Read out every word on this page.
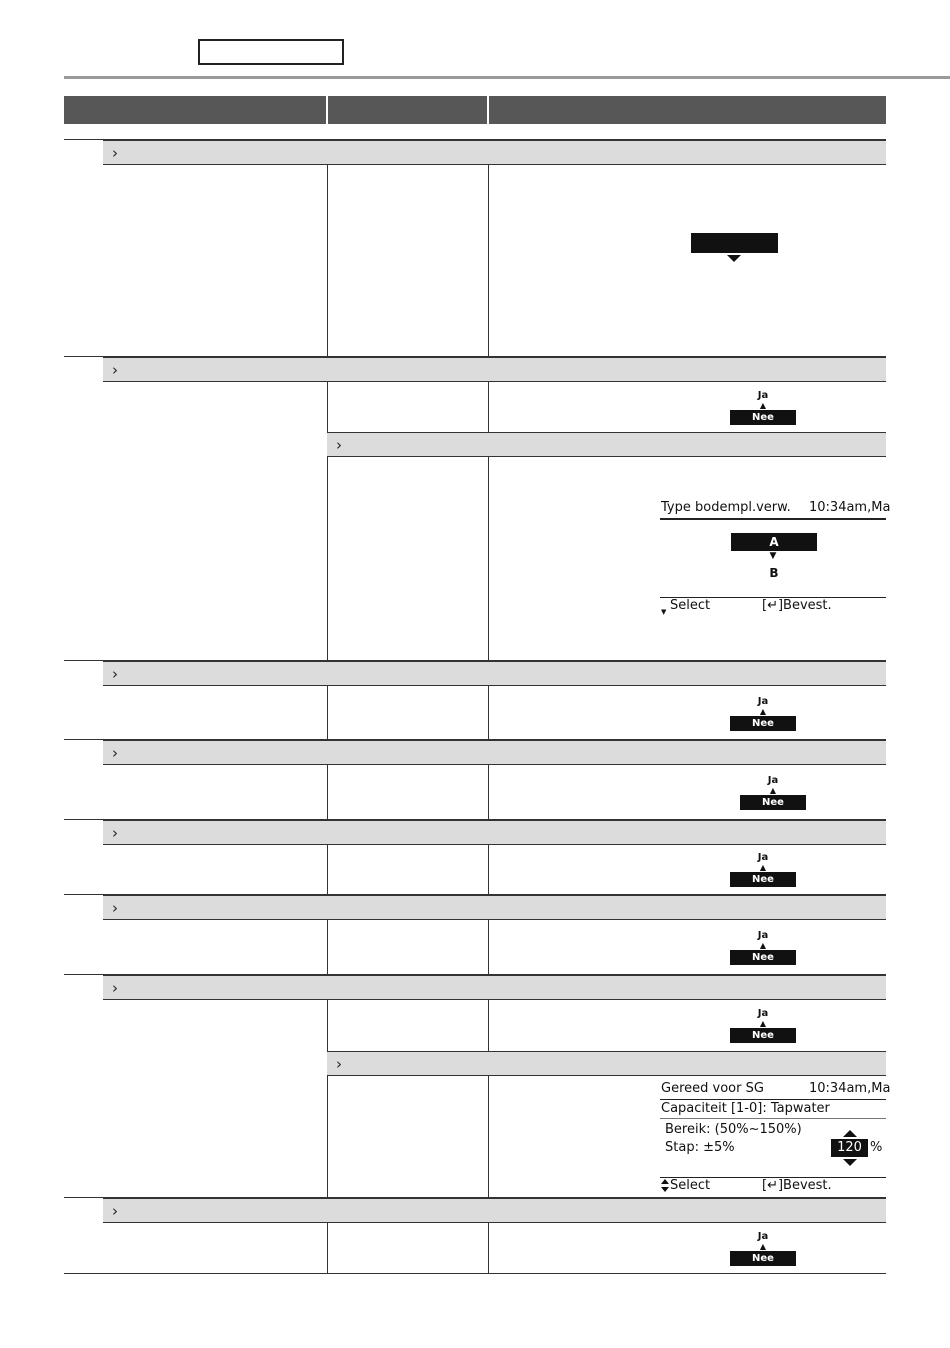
›
›
Ja
▲
Nee
›
Type bodempl.verw. 10:34am,Ma
A
▼
B
▼ Select	[↵]Bevest.
›
Ja
▲
Nee
›
Ja
▲
Nee
›
Ja
▲
Nee
›
Ja
▲
Nee
›
Ja
▲
Nee
›
Gereed voor SG	10:34am,Ma
Capaciteit [1-0]: Tapwater
Bereik: (50%~150%)
Stap: ±5%	120 %
Select	[↵]Bevest.
›
Ja
▲
Nee
